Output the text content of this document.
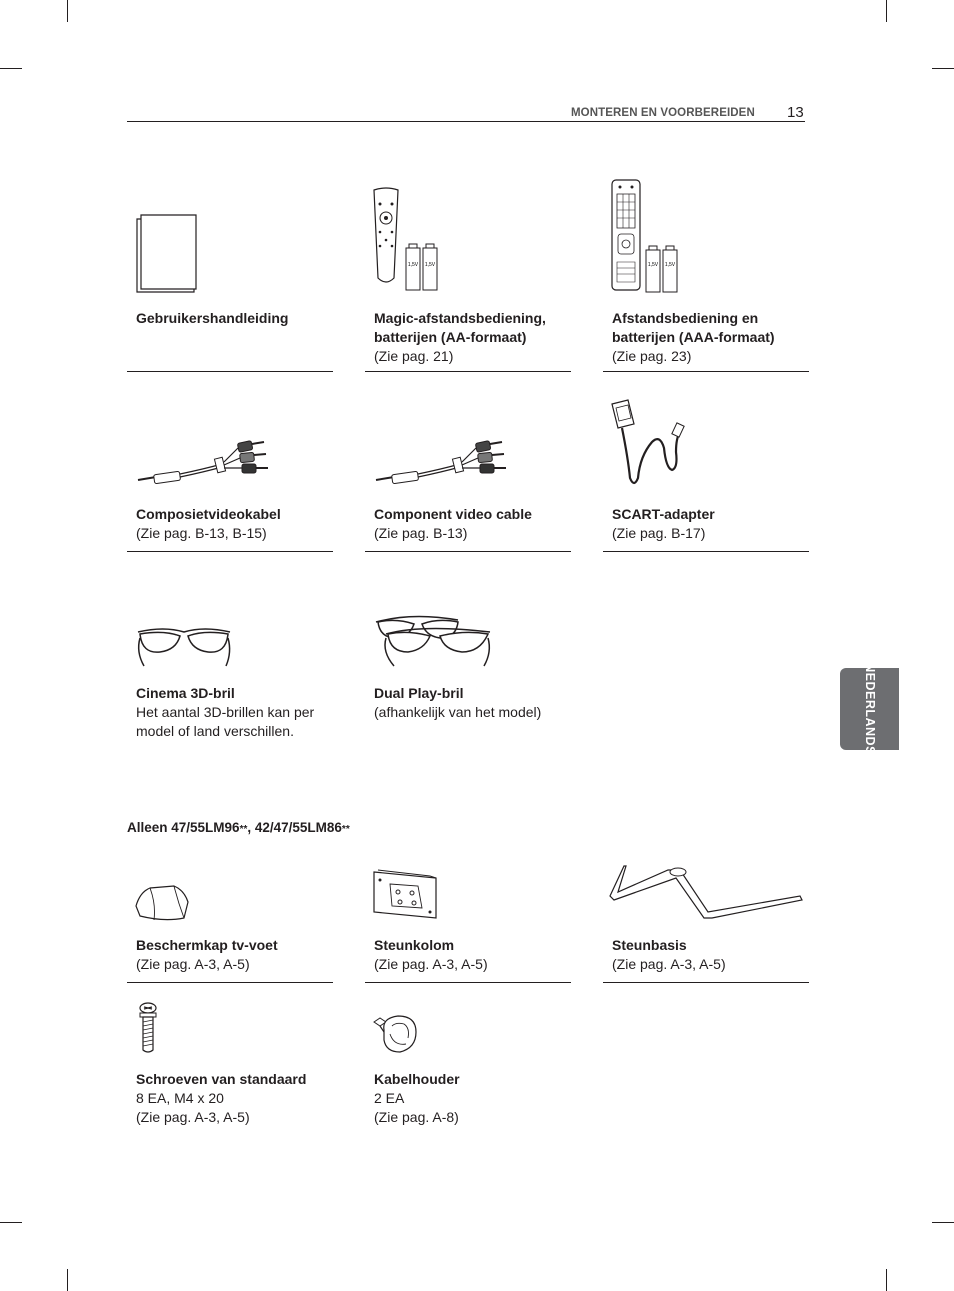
MONTEREN EN VOORBEREIDEN 13
NEDERLANDS
Gebruikershandleiding
1,5V 1,5V
Magic-afstandsbediening,
batterijen (AA-formaat)
(Zie pag. 21)
1,5V 1,5V
Afstandsbediening en
batterijen (AAA-formaat)
(Zie pag. 23)
Composietvideokabel
(Zie pag. B-13, B-15)
Component video cable
(Zie pag. B-13)
SCART-adapter
(Zie pag. B-17)
Cinema 3D-bril
Het aantal 3D-brillen kan per
model of land verschillen.
Dual Play-bril
(afhankelijk van het model)
Alleen 47/55LM96**, 42/47/55LM86**
Beschermkap tv-voet
(Zie pag. A-3, A-5)
Steunkolom
(Zie pag. A-3, A-5)
Steunbasis
(Zie pag. A-3, A-5)
Schroeven van standaard
8 EA, M4 x 20
(Zie pag. A-3, A-5)
Kabelhouder
2 EA
(Zie pag. A-8)
